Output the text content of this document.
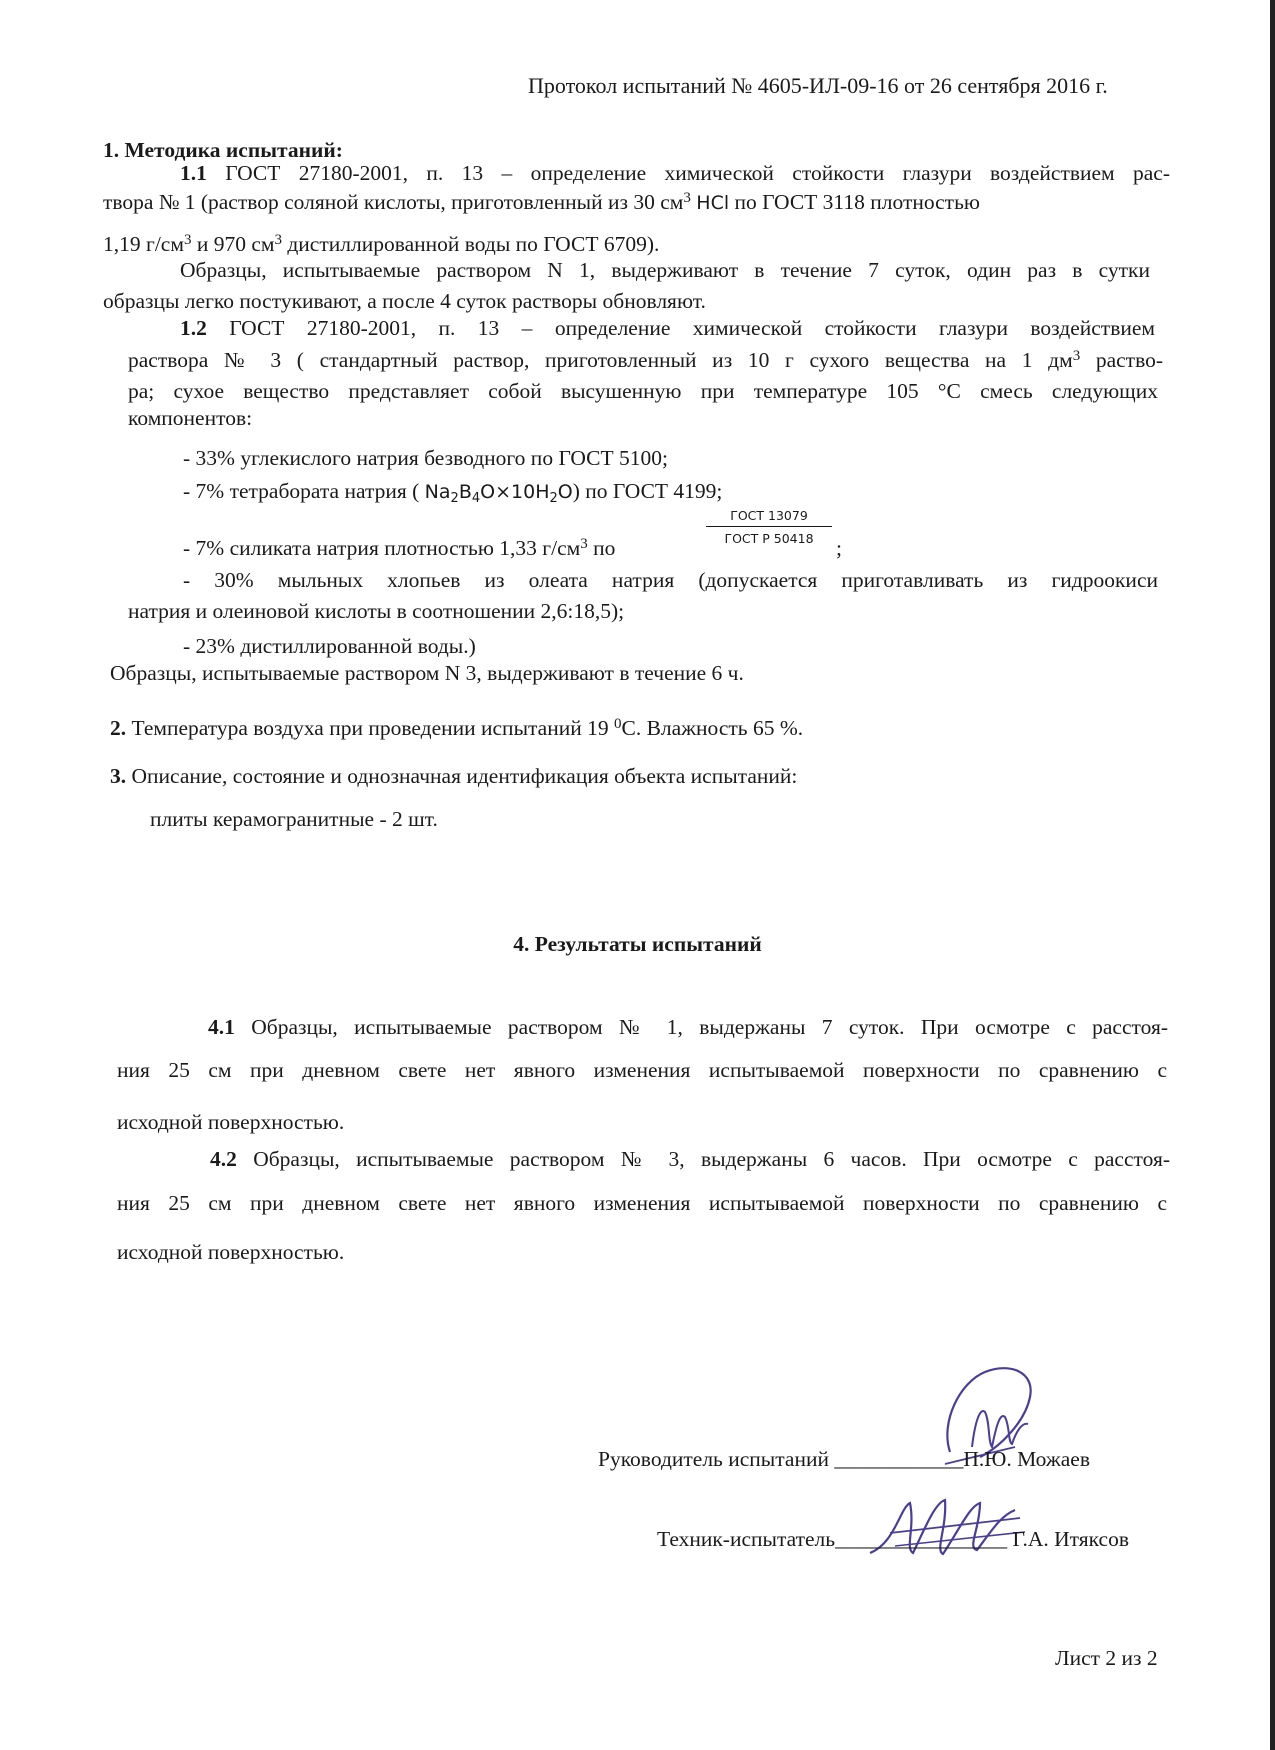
Протокол испытаний № 4605-ИЛ-09-16 от 26 сентября 2016 г.
1. Методика испытаний:
1.1 ГОСТ 27180-2001, п. 13 – определение химической стойкости глазури воздействием рас-
твора № 1 (раствор соляной кислоты, приготовленный из 30 $см^3$ HCl по ГОСТ 3118 плотностью
1,19 $г/см^3$ и 970 $см^3$ дистиллированной воды по ГОСТ 6709).
Образцы, испытываемые раствором N 1, выдерживают в течение 7 суток, один раз в сутки
образцы легко постукивают, а после 4 суток растворы обновляют.
1.2 ГОСТ 27180-2001, п. 13 – определение химической стойкости глазури воздействием
раствора № 3 ( стандартный раствор, приготовленный из 10 г сухого вещества на 1 $дм^3$ раство-
ра; сухое вещество представляет собой высушенную при температуре 105 °С смесь следующих
компонентов:
- 33% углекислого натрия безводного по ГОСТ 5100;
- 7% тетрабората натрия ( $Na_2B_4O\times 10H_2O$) по ГОСТ 4199;
- 7% силиката натрия плотностью 1,33 $г/см^3$ по
ГОСТ 13079
ГОСТ Р 50418	;
- 30% мыльных хлопьев из олеата натрия (допускается приготавливать из гидроокиси
натрия и олеиновой кислоты в соотношении 2,6:18,5);
- 23% дистиллированной воды.)
Образцы, испытываемые раствором N 3, выдерживают в течение 6 ч.
2. Температура воздуха при проведении испытаний 19 $^0$С. Влажность 65 %.
3. Описание, состояние и однозначная идентификация объекта испытаний:
плиты керамогранитные - 2 шт.
4. Результаты испытаний
4.1 Образцы, испытываемые раствором № 1, выдержаны 7 суток. При осмотре с расстоя-
ния 25 см при дневном свете нет явного изменения испытываемой поверхности по сравнению с
исходной поверхностью.
4.2 Образцы, испытываемые раствором № 3, выдержаны 6 часов. При осмотре с расстоя-
ния 25 см при дневном свете нет явного изменения испытываемой поверхности по сравнению с
исходной поверхностью.
Руководитель испытаний ____________П.Ю. Можаев
Техник-испытатель________________ Г.А. Итяксов
Лист 2 из 2
